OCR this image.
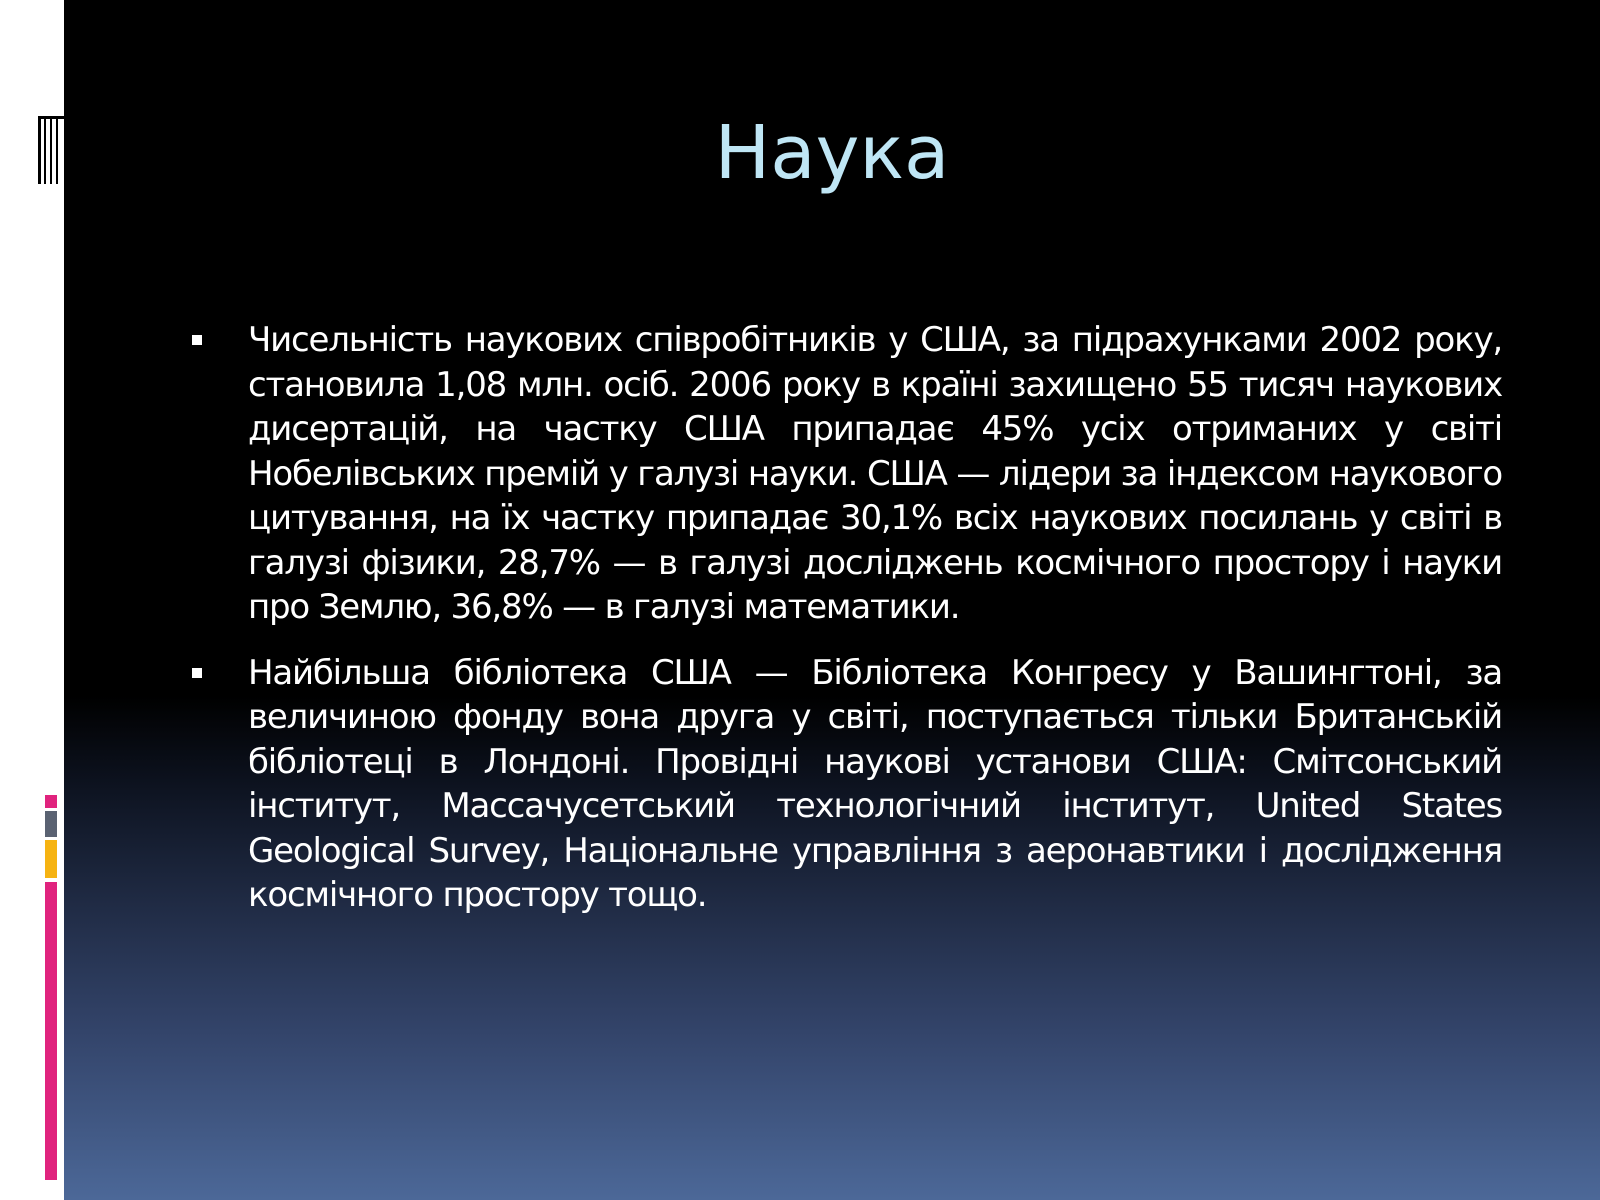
Наука

Чисельність наукових співробітників у США, за підрахунками 2002 року, становила 1,08 млн. осіб. 2006 року в країні захищено 55 тисяч наукових дисертацій, на частку США припадає 45% усіх отриманих у світі Нобелівських премій у галузі науки. США — лідери за індексом наукового цитування, на їх частку припадає 30,1% всіх наукових посилань у світі в галузі фізики, 28,7% — в галузі досліджень космічного простору і науки про Землю, 36,8% — в галузі математики.

Найбільша бібліотека США — Бібліотека Конгресу у Вашингтоні, за величиною фонду вона друга у світі, поступається тільки Британській бібліотеці в Лондоні. Провідні наукові установи США: Смітсонський інститут, Массачусетський технологічний інститут, United States Geological Survey, Національне управління з аеронавтики і дослідження космічного простору тощо.
